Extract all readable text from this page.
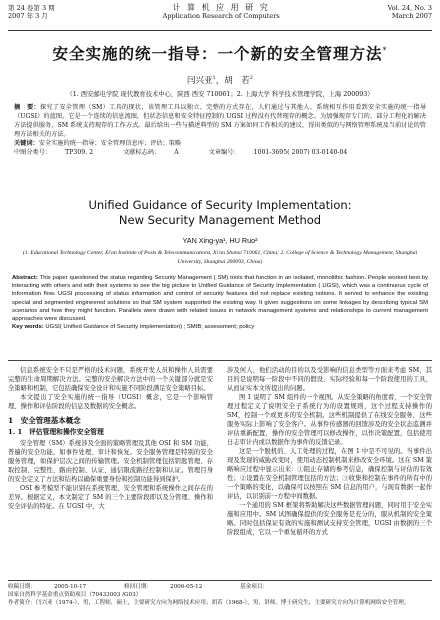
第 24 卷第 3 期
2007 年 3 月
计 算 机 应 用 研 究
Application Research of Computers
Vol. 24, No. 3
March 2007
安全实施的统一指导：一个新的安全管理方法*
闫兴亚$^1$，胡　若$^2$
（1. 西安邮电学院 现代教育技术中心，陕西 西安 710061；2. 上海大学 科学技术管理学院，上海 200093）
摘　要：探究了安全管理（SM）工具的现状，该管理工具以独立、完整的方式存在，人们通过与其他人、系统相互作用看到安全实施的统一指导（UGSI）的蓝图，它是一个连续的信息流图，但状态信息和安全特征控制的 UGSI 过程没有代替现存的概念。为加强现存专门的、部分工程化的解决方法提供服务，SM 系统支持现存的工作方式。最后给出一些与描述典型的 SM 方案如何工作相关的建议，得出类似的与网络管理系统及当前讨论的管理方法相关的方法。
关键词：安全实施的统一指导；安全管理信息库；评估；策略
中图分类号： TP309. 2	文献标志码： A	文章编号： 1001-3695( 2007) 03-0140-04
Unified Guidance of Security Implementation:
New Security Management Method
YAN Xing-ya¹, HU Ruo²
(1. Educational Technology Center, Xi'an Institute of Posts & Telecommunications, Xi'an Shanxi 710061, China; 2. College of Science & Technology Management, Shanghai University, Shanghai 200093, China)
Abstract: This paper questioned the status regarding Security Management ( SM) tools that function in an isolated, monolithic fashion. People worked best by interacting with others and with their systems to see the big picture to Unified Guidance of Security Implementation ( UGSI), which was a continuous cycle of information flow. UGSI processing of status information and control of security features did not replace existing notions. It served to enhance the existing special and segmented engineered solutions so that SM system supported the existing way. It given suggestions on some linkages by describing typical SM scenarios and how they might function. Parallels were drawn with related issues in network management systems and relationships to current management approaches were discussed.
Key words: UGSI( Unified Guidance of Security Implementation) ; SMIB; assessment; policy

信息系统安全不只是严格的技术问题，系统开发人员和操作人员需要完整的生命周期解决方法。完整的安全解决方法中的一个关键部分就是安全策略和机制，它包括确保安全设计和实施不同阶段满足安全策略目标。

本文提出了安全实施的统一指导（UGSI）概念，它是一个影响管理、操作和评估阶段的信息及数据的安全概念。

1　安全管理基本概念
1. 1　评估管理和操作安全管理

安全管理（SM）系统涉及全面的策略管理及其他 OSI 和 SM 功能，普遍的安全功能，如事件处理、审计和恢复。安全服务管理是特别的安全服务管理，如保护层次之间的传输管理。安全机制管理包括钥匙管理、存取控制、完整性、路由控制、认证、通信限流路径控制和认证。管理目身的安全定义了方法和结构以确保重要身份和控制功能得到保护。

OSI 参考模型不能识别在系统管理、安全管理和系统操作之间存在的差异。根据定义，本文制定了 SM 的三个主要阶段即以及分管理、操作和安全评估的特征。在 UGSI 中，大

涉及何人、他们活动的目的以及受影响的信息类型等方面来考虑 SM，其目的是说明每一阶段中不同的假设、实际经验和每一个阶段使用的工具，从而证实本文所提出的问题。

图 1 说明了 SM 组件的一个视图。从安全策略的角度看，一个安全管理过程定义了说明安全子系统行为的设置规则，这个过程支持操作的 SM，控制一个或更多的安全机制。这些机制提供了在线安全服务，这些服务实际上影响了安全客户。从事件传感器的回馈涉及的安全状态监测并评估重新配置，操作的安全管理可以修改操作，以作决策配置，包括使用日志审计内或以数据作为事件的反馈记录。

这是一个脱机的、人工处理的过程，在图 1 中是不可见的。当事件出现及发现的威胁改变时，使用动态控制机制来修改安全环境。这在 SM 策略响应过程中显示出来：①阻止存储的参考信息，确保控制与评估的有效性；②设置在安全机制管理包括的方法；③收集和控制在事件的所有中的一个策略的变化，以确保可以按照在 SM 信息的用户，与现有数据一起作评估，以识别前一方程中间数据。

一个通用的 SM 框架将帮助解决这些数据管理问题，同时用于安全实施和应用中。SM 试图确保提供的安全服务是充分的，服从机制的安全策略。同时包括保证有效的实施和测试支持安全管理，UGSI 由数据的三个阶段组成，它以一个重复循环的方式

收稿日期：	2005-10-17	修回日期：	2006-05-12	基金项目：国家自然科学基金重点资助项目（70433003 /G03）
作者简介：闫兴亚（1974-），男，工程师，硕士，主要研究方向为网络技术应用；胡若（1968-），男，讲师，博士研究生，主要研究方向为计算机网络安全管理。
